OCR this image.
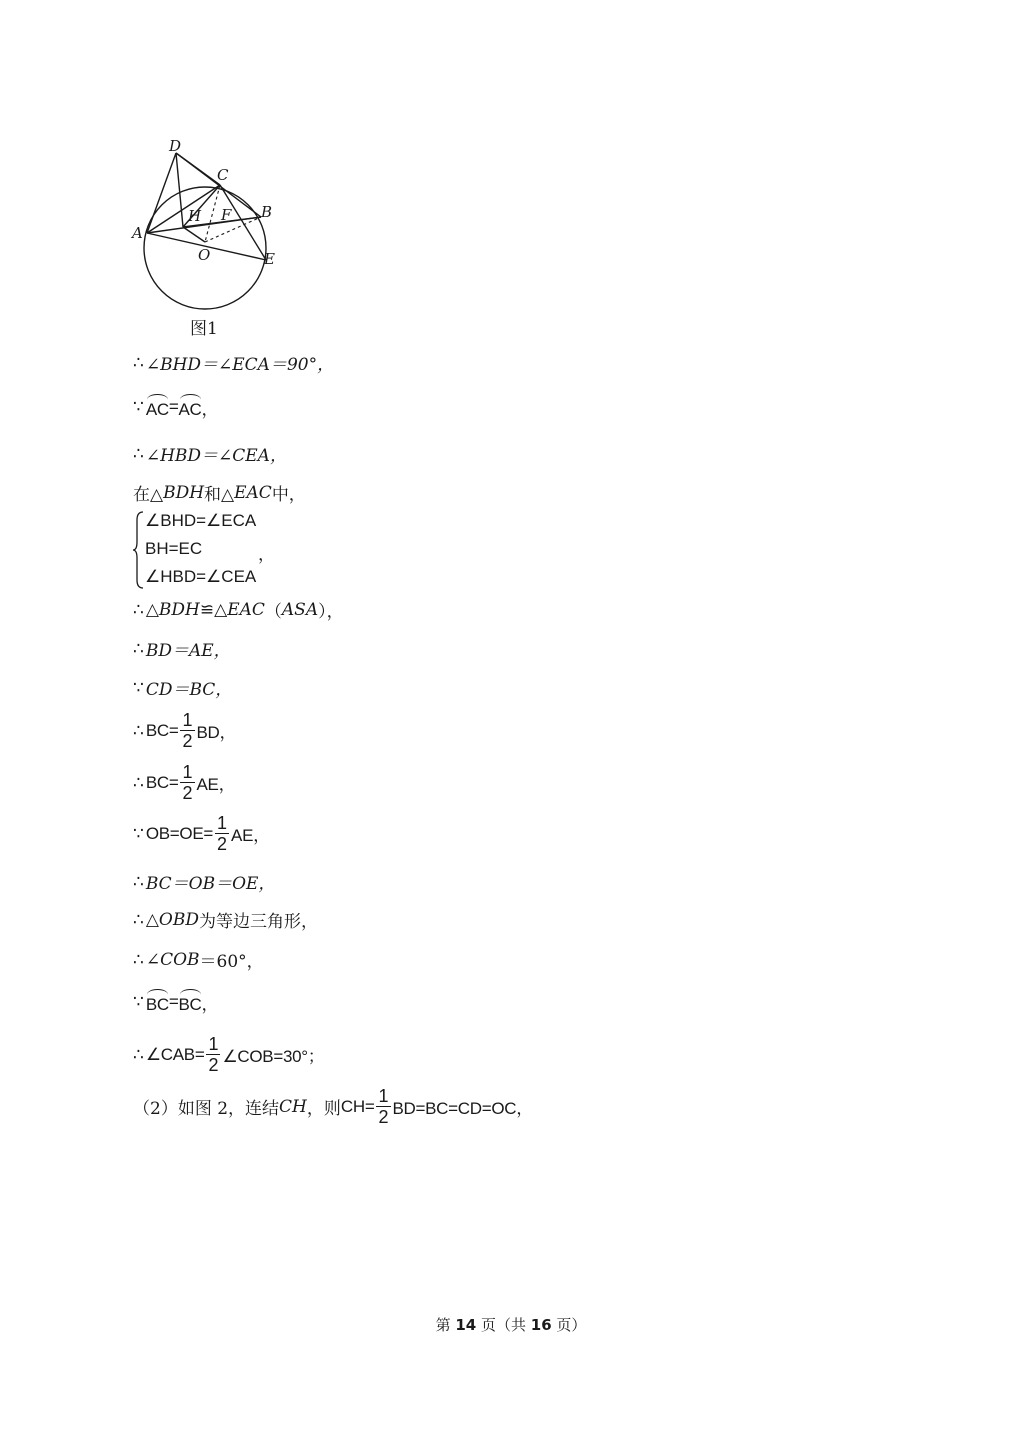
D
C
B
A
H F
O	E
图1
∴ ∠BHD＝∠ECA＝90°，
∵ AC = AC ，
∴ ∠HBD＝∠CEA，
在△ BDH 和△ EAC 中，
∠BHD=∠ECA
BH=EC	，
∠HBD=∠CEA
∴ △ BDH ≌△ EAC （ ASA ），
∴ BD＝AE，
∵ CD＝BC，
∴ $BC= \frac{1}{2}$ BD，
∴ $BC= \frac{1}{2}$ AE，
∵ $OB=OE= \frac{1}{2}$ AE，
∴ BC＝OB＝OE，
∴ △ OBD 为等边三角形，
∴ ∠ COB ＝60°，
∵ BC = BC ，
∴ ∠CAB= $\frac{1}{2}$ ∠COB=30°；
（2）如图 2，连结 CH ，则 $CH= \frac{1}{2} BD=BC=CD=OC$，
第 14 页（共 16 页）
